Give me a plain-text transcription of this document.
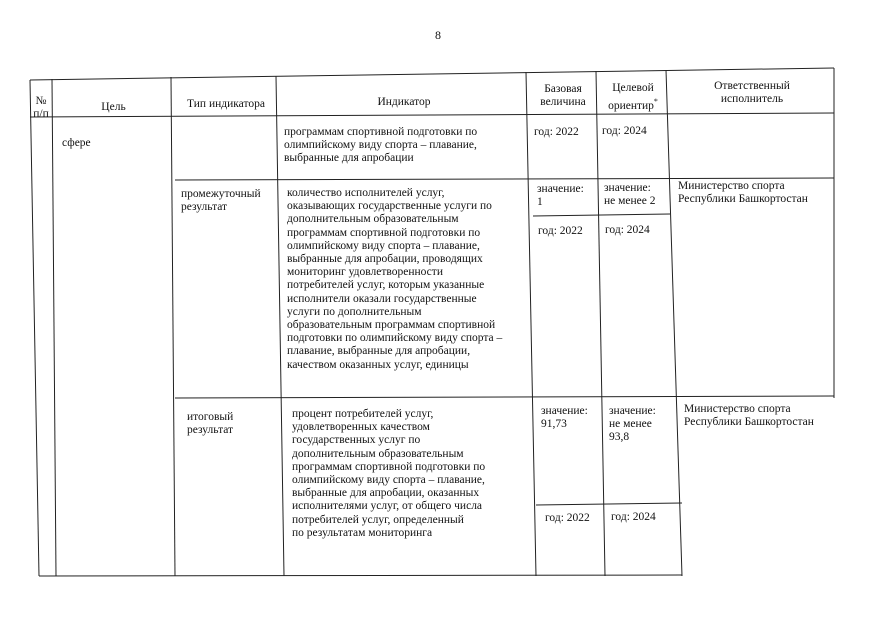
8
№
п/п
Цель	Тип индикатора	Индикатор
Базовая
величина
Целевой
ориентир*
Ответственный
исполнитель
сфере
программам спортивной подготовки по
олимпийскому виду спорта – плавание,
выбранные для апробации
год: 2022 год: 2024
промежуточный
результат
количество исполнителей услуг,
оказывающих государственные услуги по
дополнительным образовательным
программам спортивной подготовки по
олимпийскому виду спорта – плавание,
выбранные для апробации, проводящих
мониторинг удовлетворенности
потребителей услуг, которым указанные
исполнители оказали государственные
услуги по дополнительным
образовательным программам спортивной
подготовки по олимпийскому виду спорта –
плавание, выбранные для апробации,
качеством оказанных услуг, единицы
значение:
1
значение:
не менее 2
Министерство спорта
Республики Башкортостан
год: 2022 год: 2024
итоговый
результат
процент потребителей услуг,
удовлетворенных качеством
государственных услуг по
дополнительным образовательным
программам спортивной подготовки по
олимпийскому виду спорта – плавание,
выбранные для апробации, оказанных
исполнителями услуг, от общего числа
потребителей услуг, определенный
по результатам мониторинга
значение:
91,73
значение:
не менее
93,8
Министерство спорта
Республики Башкортостан
год: 2022 год: 2024
